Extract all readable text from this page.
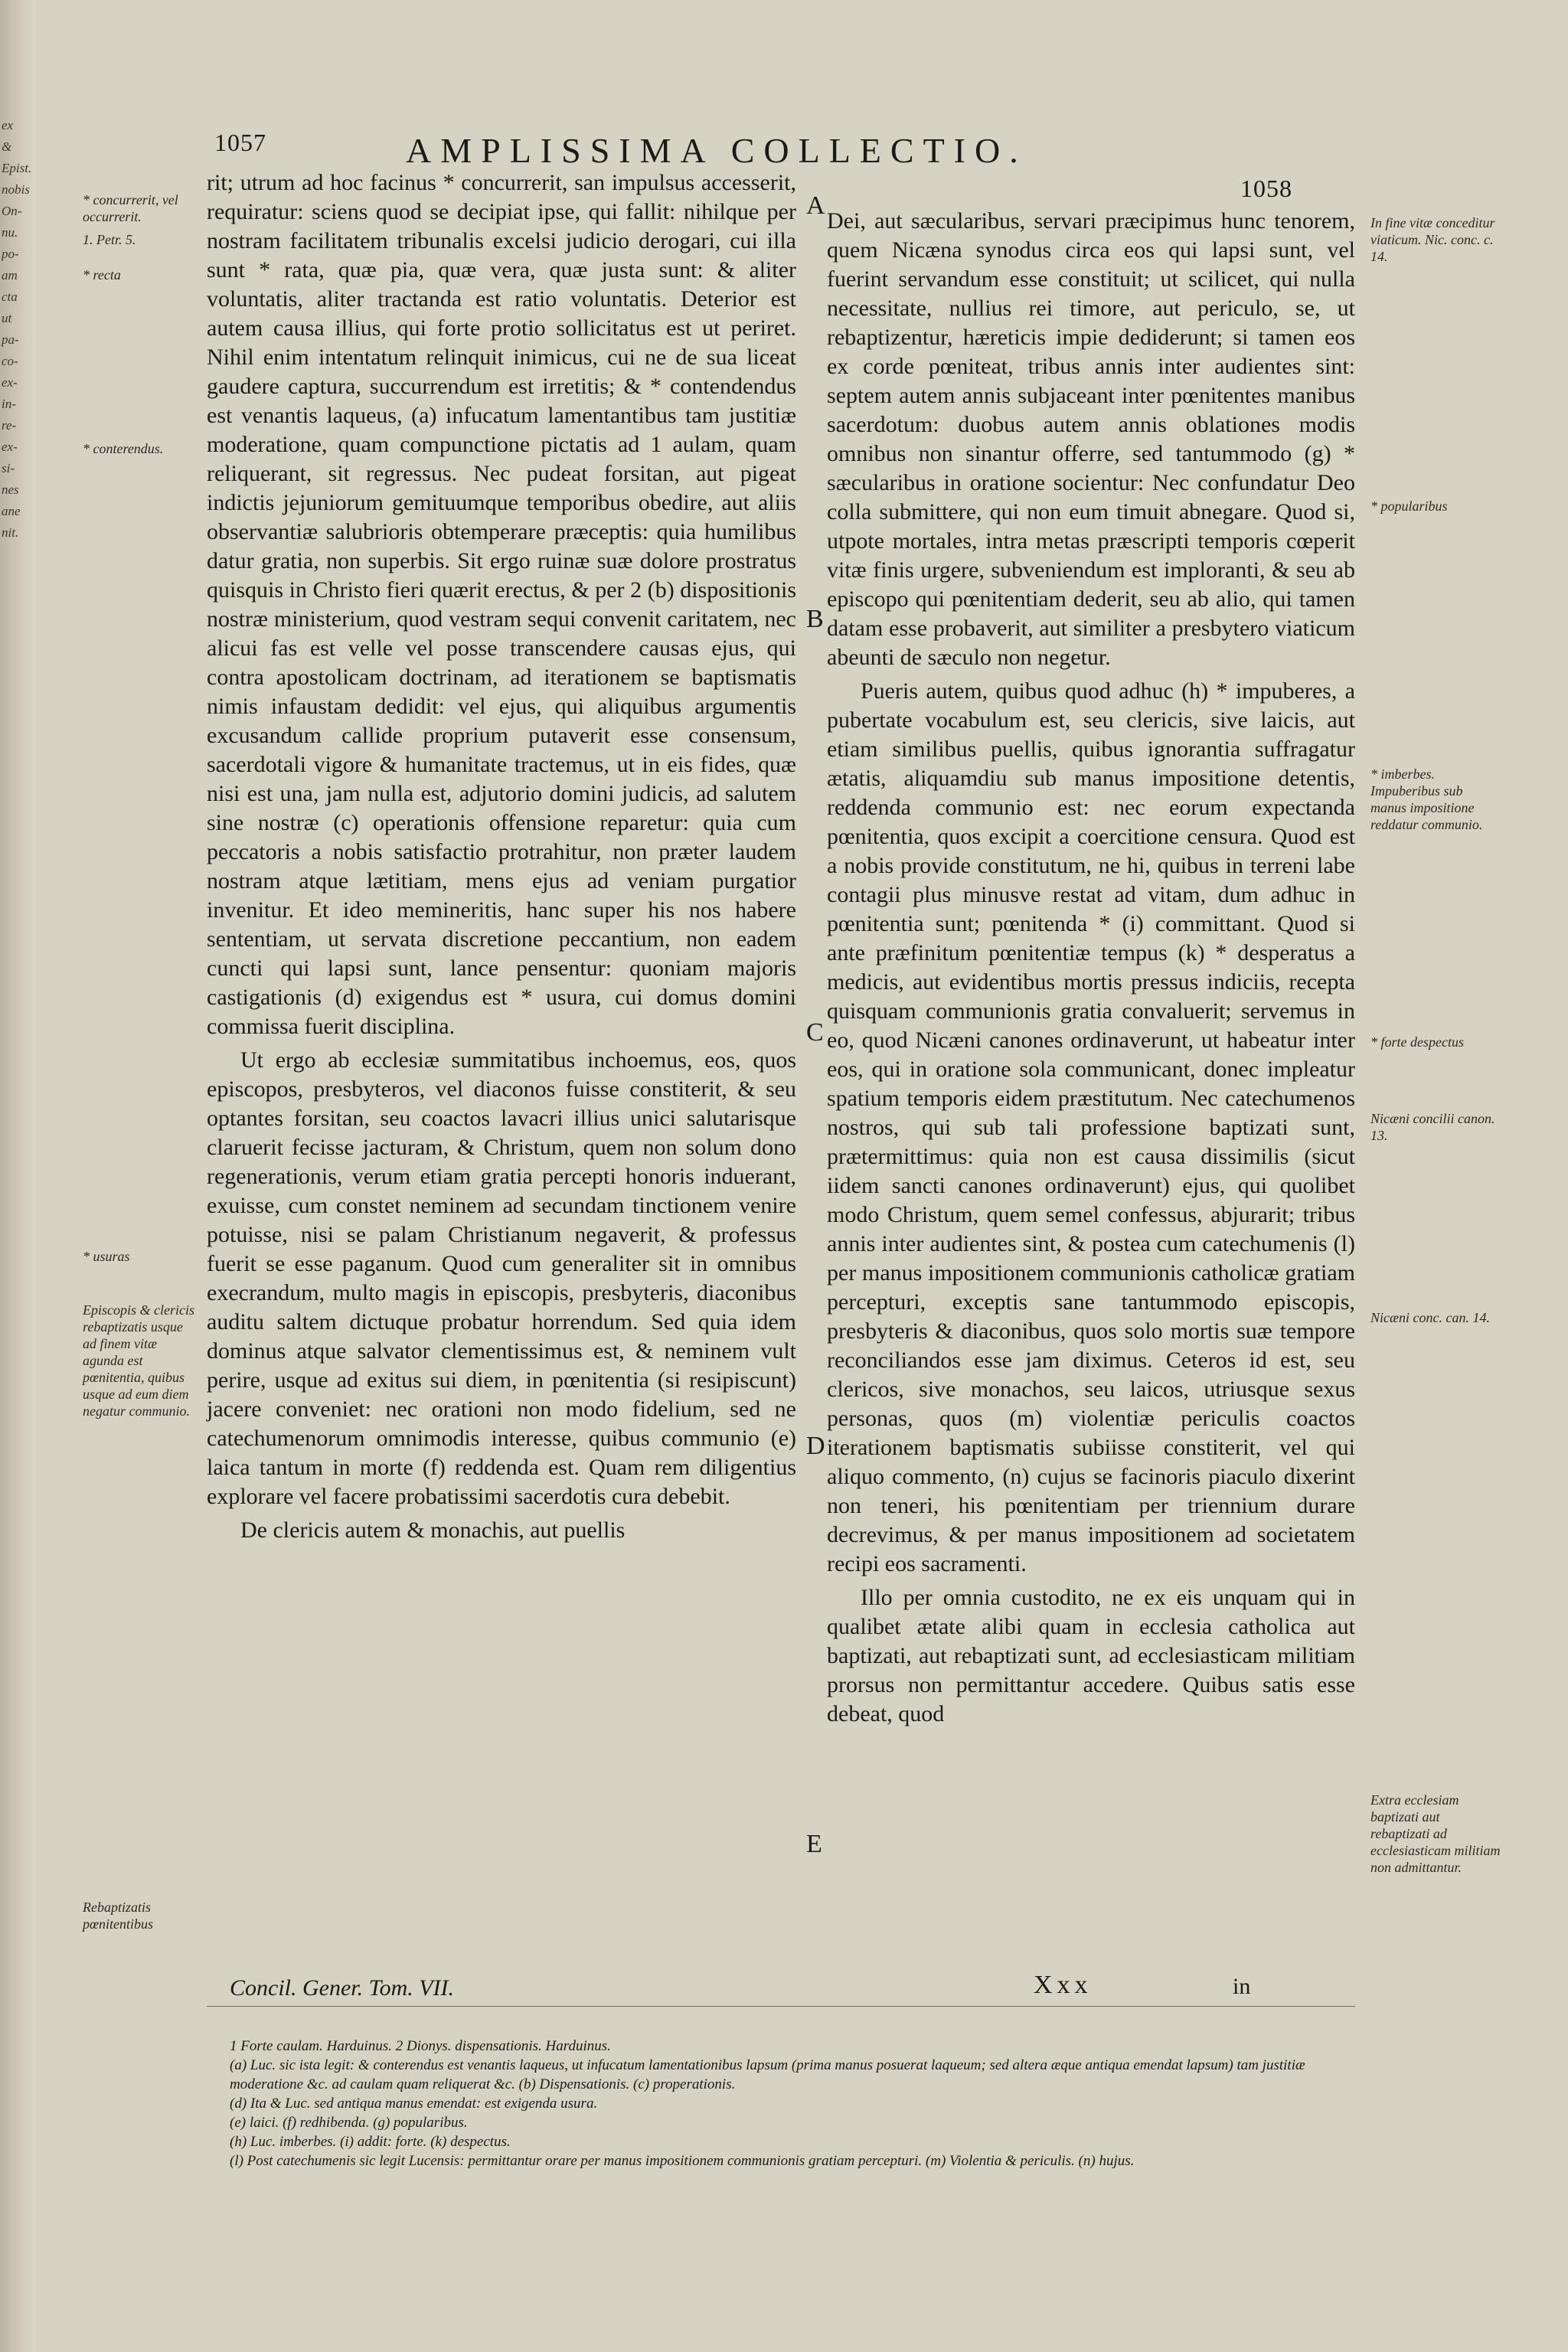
ex
&
Epist.
nobis
On-
nu.
po-
am
cta
ut
pa-
co-
ex-
in-
re-
ex-
si-
nes
ane
nit.
1057	AMPLISSIMA COLLECTIO.
1058
* concurrerit, vel occurrerit.
1. Petr. 5.
* recta
* conterendus.
* usuras
Episcopis & clericis rebaptizatis usque ad finem vitæ agunda est pœnitentia, quibus usque ad eum diem negatur communio.
Rebaptizatis pœnitentibus
In fine vitæ conceditur viaticum. Nic. conc. c. 14.
* popularibus
* imberbes. Impuberibus sub manus impositione reddatur communio.
* forte despectus
Nicæni concilii canon. 13.
Nicæni conc. can. 14.
Extra ecclesiam baptizati aut rebaptizati ad ecclesiasticam militiam non admittantur.
A
B
C
D
E

rit; utrum ad hoc facinus * concurrerit, san impulsus accesserit, requiratur: sciens quod se decipiat ipse, qui fallit: nihilque per nostram facilitatem tribunalis excelsi judicio derogari, cui illa sunt * rata, quæ pia, quæ vera, quæ justa sunt: & aliter voluntatis, aliter tractanda est ratio voluntatis. Deterior est autem causa illius, qui forte protio sollicitatus est ut periret. Nihil enim intentatum relinquit inimicus, cui ne de sua liceat gaudere captura, succurrendum est irretitis; & * contendendus est venantis laqueus, (a) infucatum lamentantibus tam justitiæ moderatione, quam compunctione pictatis ad 1 aulam, quam reliquerant, sit regressus. Nec pudeat forsitan, aut pigeat indictis jejuniorum gemituumque temporibus obedire, aut aliis observantiæ salubrioris obtemperare præceptis: quia humilibus datur gratia, non superbis. Sit ergo ruinæ suæ dolore prostratus quisquis in Christo fieri quærit erectus, & per 2 (b) dispositionis nostræ ministerium, quod vestram sequi convenit caritatem, nec alicui fas est velle vel posse transcendere causas ejus, qui contra apostolicam doctrinam, ad iterationem se baptismatis nimis infaustam dedidit: vel ejus, qui aliquibus argumentis excusandum callide proprium putaverit esse consensum, sacerdotali vigore & humanitate tractemus, ut in eis fides, quæ nisi est una, jam nulla est, adjutorio domini judicis, ad salutem sine nostræ (c) operationis offensione reparetur: quia cum peccatoris a nobis satisfactio protrahitur, non præter laudem nostram atque lætitiam, mens ejus ad veniam purgatior invenitur. Et ideo memineritis, hanc super his nos habere sententiam, ut servata discretione peccantium, non eadem cuncti qui lapsi sunt, lance pensentur: quoniam majoris castigationis (d) exigendus est * usura, cui domus domini commissa fuerit disciplina.

Ut ergo ab ecclesiæ summitatibus inchoemus, eos, quos episcopos, presbyteros, vel diaconos fuisse constiterit, & seu optantes forsitan, seu coactos lavacri illius unici salutarisque claruerit fecisse jacturam, & Christum, quem non solum dono regenerationis, verum etiam gratia percepti honoris induerant, exuisse, cum constet neminem ad secundam tinctionem venire potuisse, nisi se palam Christianum negaverit, & professus fuerit se esse paganum. Quod cum generaliter sit in omnibus execrandum, multo magis in episcopis, presbyteris, diaconibus auditu saltem dictuque probatur horrendum. Sed quia idem dominus atque salvator clementissimus est, & neminem vult perire, usque ad exitus sui diem, in pœnitentia (si resipiscunt) jacere conveniet: nec orationi non modo fidelium, sed ne catechumenorum omnimodis interesse, quibus communio (e) laica tantum in morte (f) reddenda est. Quam rem diligentius explorare vel facere probatissimi sacerdotis cura debebit.

De clericis autem & monachis, aut puellis

Dei, aut sæcularibus, servari præcipimus hunc tenorem, quem Nicæna synodus circa eos qui lapsi sunt, vel fuerint servandum esse constituit; ut scilicet, qui nulla necessitate, nullius rei timore, aut periculo, se, ut rebaptizentur, hæreticis impie dediderunt; si tamen eos ex corde pœniteat, tribus annis inter audientes sint: septem autem annis subjaceant inter pœnitentes manibus sacerdotum: duobus autem annis oblationes modis omnibus non sinantur offerre, sed tantummodo (g) * sæcularibus in oratione socientur: Nec confundatur Deo colla submittere, qui non eum timuit abnegare. Quod si, utpote mortales, intra metas præscripti temporis cœperit vitæ finis urgere, subveniendum est imploranti, & seu ab episcopo qui pœnitentiam dederit, seu ab alio, qui tamen datam esse probaverit, aut similiter a presbytero viaticum abeunti de sæculo non negetur.

Pueris autem, quibus quod adhuc (h) * impuberes, a pubertate vocabulum est, seu clericis, sive laicis, aut etiam similibus puellis, quibus ignorantia suffragatur ætatis, aliquamdiu sub manus impositione detentis, reddenda communio est: nec eorum expectanda pœnitentia, quos excipit a coercitione censura. Quod est a nobis provide constitutum, ne hi, quibus in terreni labe contagii plus minusve restat ad vitam, dum adhuc in pœnitentia sunt; pœnitenda * (i) committant. Quod si ante præfinitum pœnitentiæ tempus (k) * desperatus a medicis, aut evidentibus mortis pressus indiciis, recepta quisquam communionis gratia convaluerit; servemus in eo, quod Nicæni canones ordinaverunt, ut habeatur inter eos, qui in oratione sola communicant, donec impleatur spatium temporis eidem præstitutum. Nec catechumenos nostros, qui sub tali professione baptizati sunt, prætermittimus: quia non est causa dissimilis (sicut iidem sancti canones ordinaverunt) ejus, qui quolibet modo Christum, quem semel confessus, abjurarit; tribus annis inter audientes sint, & postea cum catechumenis (l) per manus impositionem communionis catholicæ gratiam percepturi, exceptis sane tantummodo episcopis, presbyteris & diaconibus, quos solo mortis suæ tempore reconciliandos esse jam diximus. Ceteros id est, seu clericos, sive monachos, seu laicos, utriusque sexus personas, quos (m) violentiæ periculis coactos iterationem baptismatis subiisse constiterit, vel qui aliquo commento, (n) cujus se facinoris piaculo dixerint non teneri, his pœnitentiam per triennium durare decrevimus, & per manus impositionem ad societatem recipi eos sacramenti.

Illo per omnia custodito, ne ex eis unquam qui in qualibet ætate alibi quam in ecclesia catholica aut baptizati, aut rebaptizati sunt, ad ecclesiasticam militiam prorsus non permittantur accedere. Quibus satis esse debeat, quod

Concil. Gener. Tom. VII.	Xxx	in
1 Forte caulam. Harduinus. 2 Dionys. dispensationis. Harduinus.
(a) Luc. sic ista legit: & conterendus est venantis laqueus, ut infucatum lamentationibus lapsum (prima manus posuerat laqueum; sed altera æque antiqua emendat lapsum) tam justitiæ moderatione &c. ad caulam quam reliquerat &c. (b) Dispensationis. (c) properationis.
(d) Ita & Luc. sed antiqua manus emendat: est exigenda usura.
(e) laici. (f) redhibenda. (g) popularibus.
(h) Luc. imberbes. (i) addit: forte. (k) despectus.
(l) Post catechumenis sic legit Lucensis: permittantur orare per manus impositionem communionis gratiam percepturi. (m) Violentia & periculis. (n) hujus.
